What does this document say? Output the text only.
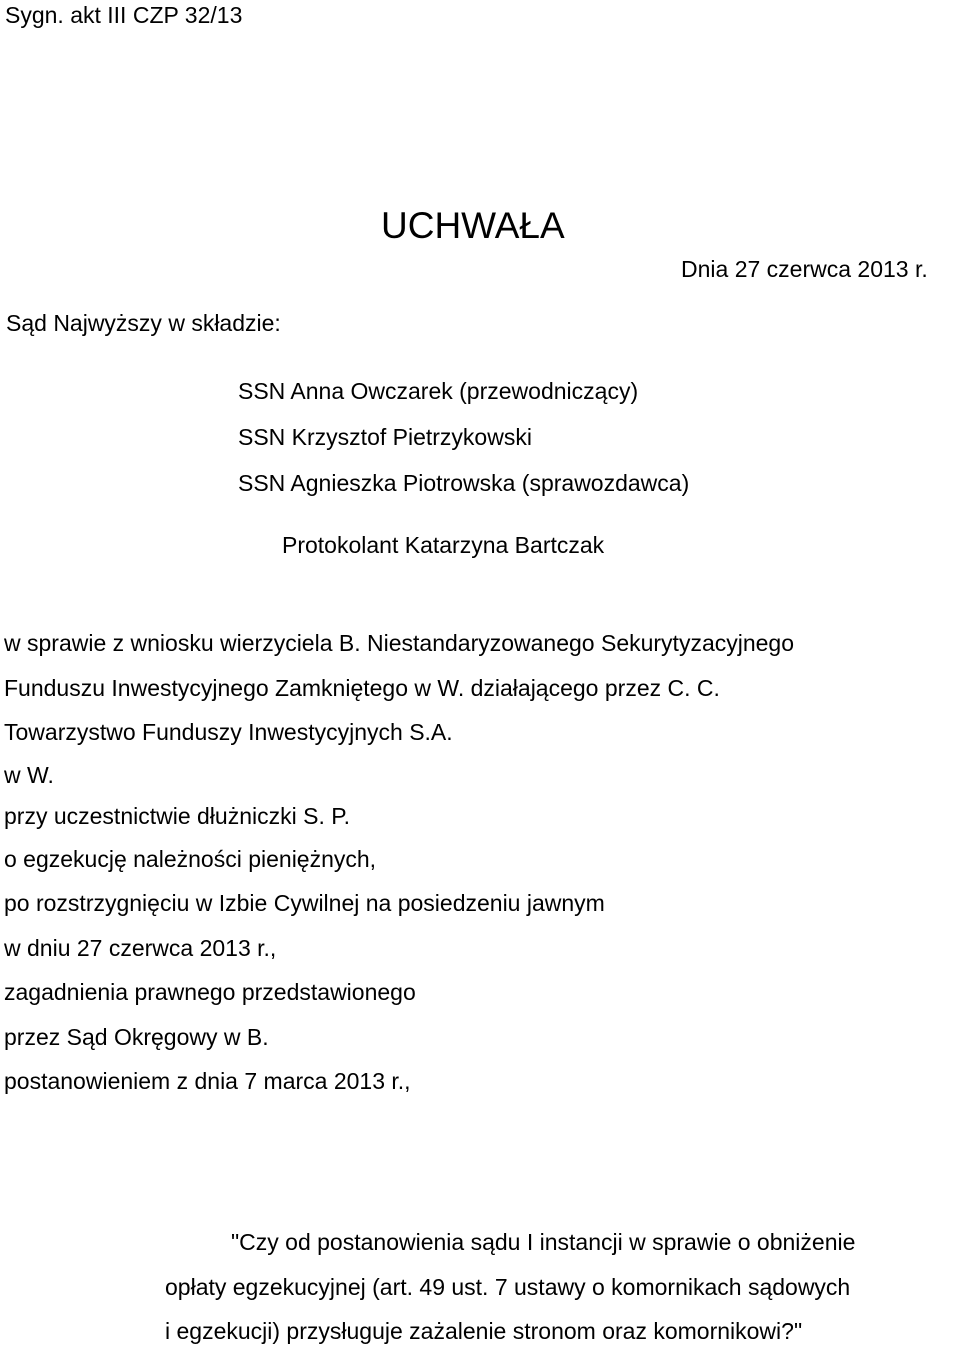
Sygn. akt III CZP 32/13
UCHWAŁA
Dnia 27 czerwca 2013 r.
Sąd Najwyższy w składzie:
SSN Anna Owczarek (przewodniczący)
SSN Krzysztof Pietrzykowski
SSN Agnieszka Piotrowska (sprawozdawca)
Protokolant Katarzyna Bartczak
w sprawie z wniosku wierzyciela B. Niestandaryzowanego Sekurytyzacyjnego
Funduszu Inwestycyjnego Zamkniętego w W. działającego przez C. C.
Towarzystwo Funduszy Inwestycyjnych S.A.
w W.
przy uczestnictwie dłużniczki S. P.
o egzekucję należności pieniężnych,
po rozstrzygnięciu w Izbie Cywilnej na posiedzeniu jawnym
w dniu 27 czerwca 2013 r.,
zagadnienia prawnego przedstawionego
przez Sąd Okręgowy w B.
postanowieniem z dnia 7 marca 2013 r.,
"Czy od postanowienia sądu I instancji w sprawie o obniżenie
opłaty egzekucyjnej (art. 49 ust. 7 ustawy o komornikach sądowych
i egzekucji) przysługuje zażalenie stronom oraz komornikowi?"
